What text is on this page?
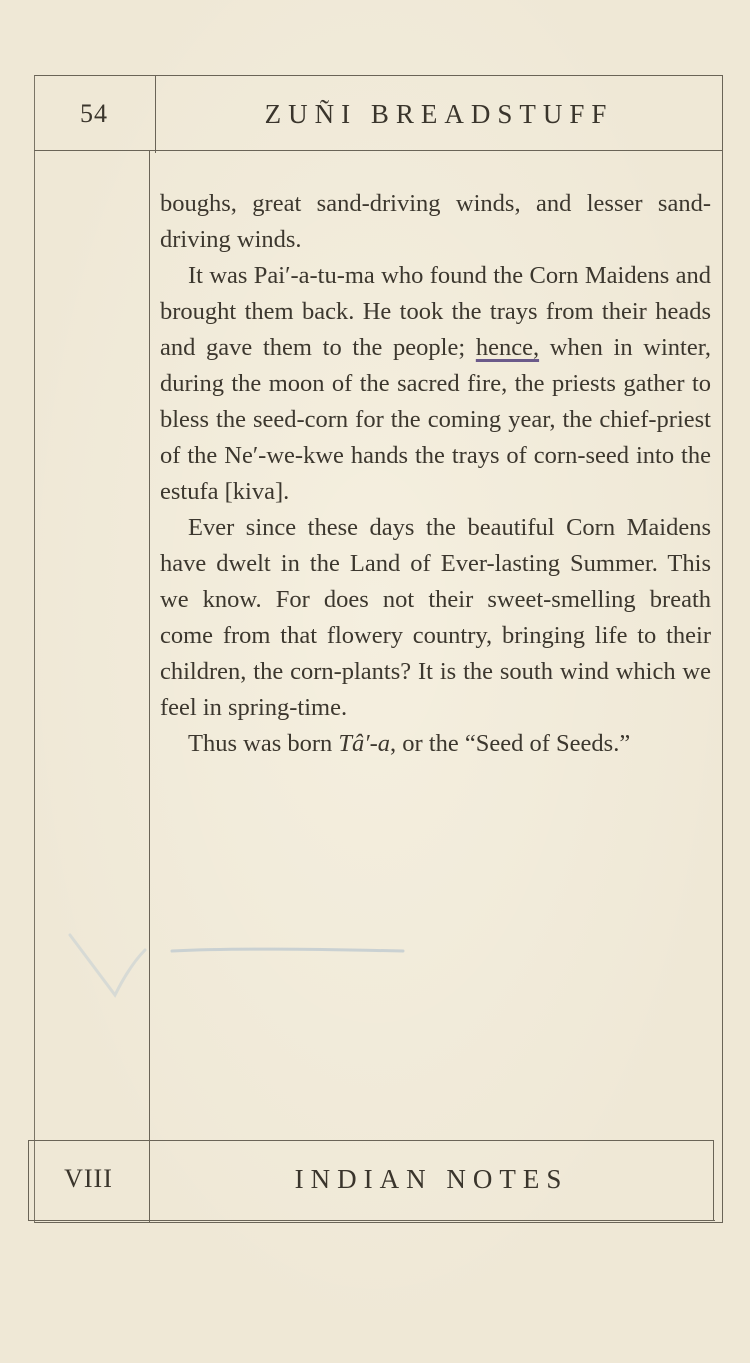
54	ZUÑI BREADSTUFF

boughs, great sand-driving winds, and lesser sand-driving winds.

It was Pai′-a-tu-ma who found the Corn Maidens and brought them back. He took the trays from their heads and gave them to the people; hence, when in winter, during the moon of the sacred fire, the priests gather to bless the seed-corn for the coming year, the chief-priest of the Ne′-we-kwe hands the trays of corn-seed into the estufa [kiva].

Ever since these days the beautiful Corn Maidens have dwelt in the Land of Ever-lasting Summer. This we know. For does not their sweet-smelling breath come from that flowery country, bringing life to their children, the corn-plants? It is the south wind which we feel in spring-time.

Thus was born Tâ′-a, or the “Seed of Seeds.”

VIII	INDIAN NOTES
